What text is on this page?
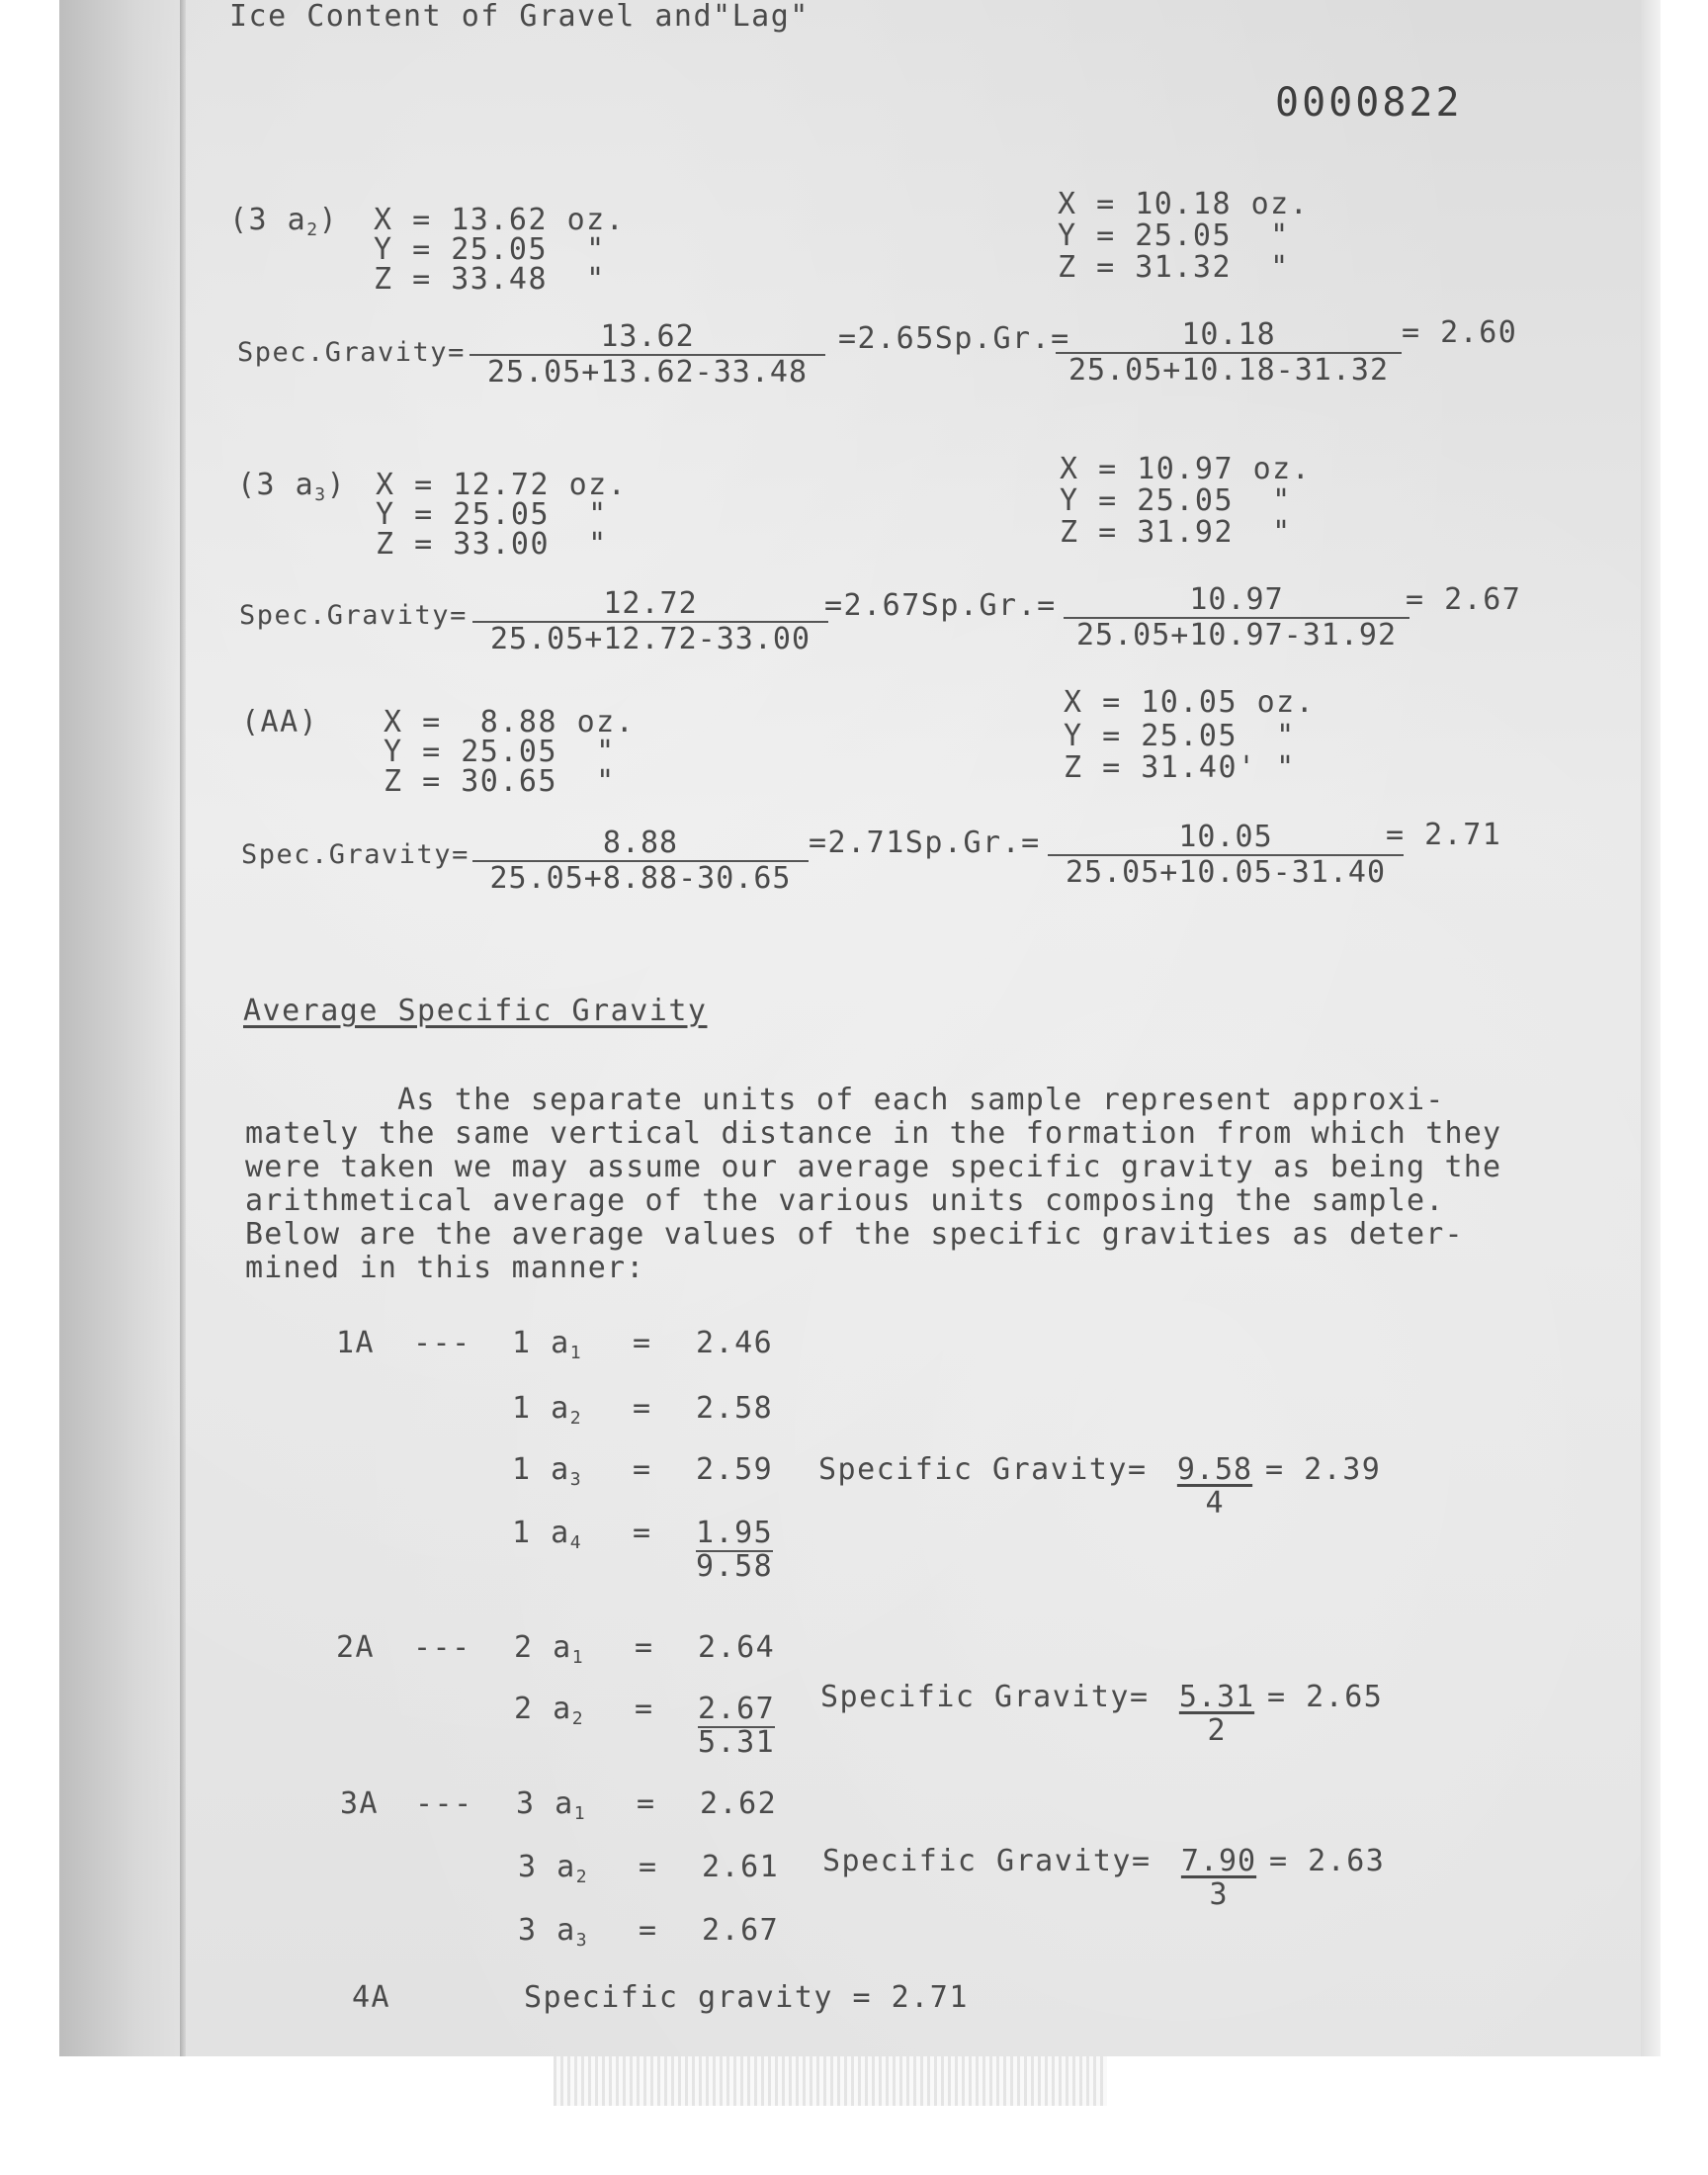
Ice Content of Gravel and"Lag"
0000822
(3 $a_2$) X = 13.62 oz.
Y = 25.05  "
Z = 33.48  "
X = 10.18 oz.
Y = 25.05  "
Z = 31.32  "
Spec.Gravity= $\frac{13.62}{25.05+13.62-33.48} =2.65Sp.Gr.=$
$\frac{10.18}{25.05+10.18-31.32} = 2.60$
(3 $a_3$) X = 12.72 oz.
Y = 25.05  "
Z = 33.00  "
X = 10.97 oz.
Y = 25.05  "
Z = 31.92  "
Spec.Gravity= $\frac{12.72}{25.05+12.72-33.00}$
$=2.67Sp.Gr.= \frac{10.97}{25.05+10.97-31.92}$
= 2.67
(AA) X =  8.88 oz.
Y = 25.05  "
Z = 30.65  "
X = 10.05 oz.
Y = 25.05  "
Z = 31.40' "
Spec.Gravity= $\frac{8.88}{25.05+8.88-30.65} =2.71Sp.Gr.= \frac{10.05}{25.05+10.05-31.40}$
= 2.71
Average Specific Gravity
As the separate units of each sample represent approxi-
mately the same vertical distance in the formation from which they
were taken we may assume our average specific gravity as being the
arithmetical average of the various units composing the sample.
Below are the average values of the specific gravities as deter-
mined in this manner:
1A --- 1 $a_1 = 2.46$
1 $a_2 = 2.58$
1 $a_3 = 2.59$
1 $a_4 = 1.95$
9.58
Specific Gravity= $\frac{9.58}{4} = 2.39$
2A --- 2 $a_1 = 2.64$
2 $a_2 = 2.67$
5.31
Specific Gravity= $\frac{5.31}{2} = 2.65$
3A --- 3 $a_1 = 2.62$
3 $a_2 = 2.61$
3 $a_3 = 2.67$
Specific Gravity= $\frac{7.90}{3} = 2.63$
4A	Specific gravity = 2.71
